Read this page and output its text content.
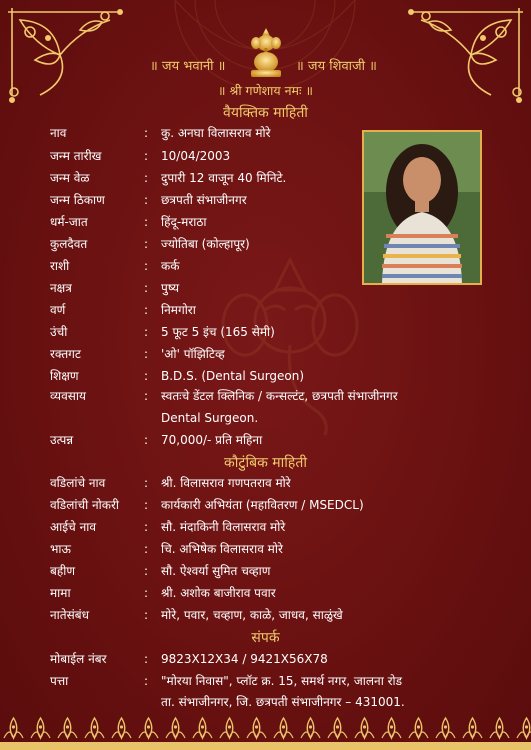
॥ जय भवानी ॥	॥ जय शिवाजी ॥
॥ श्री गणेशाय नमः ॥
वैयक्तिक माहिती
नाव	: कु. अनघा विलासराव मोरे
जन्म तारीख	: 10/04/2003
जन्म वेळ	: दुपारी 12 वाजून 40 मिनिटे.
जन्म ठिकाण	: छत्रपती संभाजीनगर
धर्म-जात	: हिंदू-मराठा
कुलदैवत	: ज्योतिबा (कोल्हापूर)
राशी	: कर्क
नक्षत्र	: पुष्य
वर्ण	: निमगोरा
उंची	: 5 फूट 5 इंच (165 सेमी)
रक्तगट	: 'ओ' पॉझिटिव्ह
शिक्षण	: B.D.S. (Dental Surgeon)
व्यवसाय	: स्वतःचे डेंटल क्लिनिक / कन्सल्टंट, छत्रपती संभाजीनगर
Dental Surgeon.
उत्पन्न	: 70,000/- प्रति महिना
कौटुंबिक माहिती
वडिलांचे नाव	: श्री. विलासराव गणपतराव मोरे
वडिलांची नोकरी	: कार्यकारी अभियंता (महावितरण / MSEDCL)
आईचे नाव	: सौ. मंदाकिनी विलासराव मोरे
भाऊ	: चि. अभिषेक विलासराव मोरे
बहीण	: सौ. ऐश्वर्या सुमित चव्हाण
मामा	: श्री. अशोक बाजीराव पवार
नातेसंबंध	: मोरे, पवार, चव्हाण, काळे, जाधव, साळुंखे
संपर्क
मोबाईल नंबर	: 9823X12X34 / 9421X56X78
पत्ता	: "मोरया निवास", प्लॉट क्र. 15, समर्थ नगर, जालना रोड
ता. संभाजीनगर, जि. छत्रपती संभाजीनगर – 431001.
